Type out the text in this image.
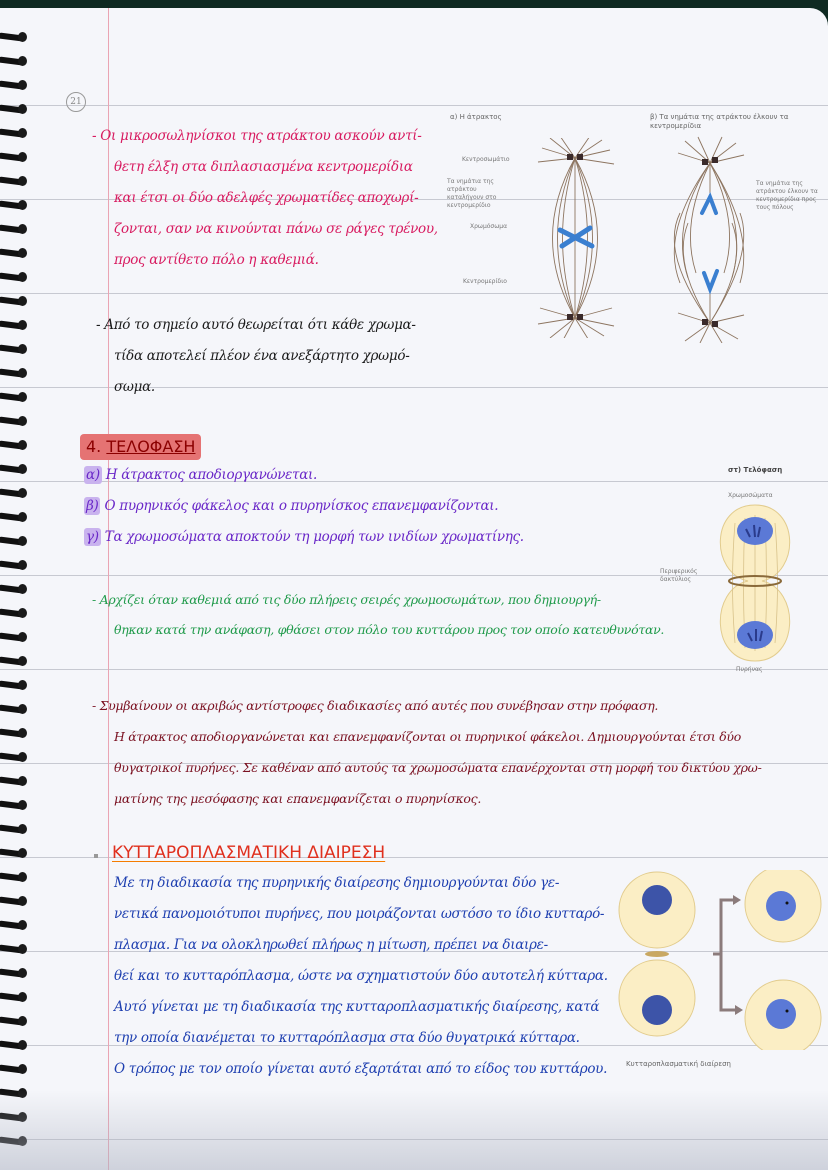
21
- Οι μικροσωληνίσκοι της ατράκτου ασκούν αντί-
θετη έλξη στα διπλασιασμένα κεντρομερίδια
και έτσι οι δύο αδελφές χρωματίδες αποχωρί-
ζονται, σαν να κινούνται πάνω σε ράγες τρένου,
προς αντίθετο πόλο η καθεμιά.
- Από το σημείο αυτό θεωρείται ότι κάθε χρωμα-
τίδα αποτελεί πλέον ένα ανεξάρτητο χρωμό-
σωμα.
α) Η άτρακτος	β) Τα νημάτια της ατράκτου έλκουν τα κεντρομερίδια
Κεντροσωμάτιο
Τα νημάτια της ατράκτου καταλήγουν στο κεντρομερίδιο
Χρωμόσωμα
Κεντρομερίδιο
Τα νημάτια της ατράκτου έλκουν τα κεντρομερίδια προς τους πόλους
4. ΤΕΛΟΦΑΣΗ
α) Η άτρακτος αποδιοργανώνεται.
β) Ο πυρηνικός φάκελος και ο πυρηνίσκος επανεμφανίζονται.
γ) Τα χρωμοσώματα αποκτούν τη μορφή των ινιδίων χρωματίνης.
- Αρχίζει όταν καθεμιά από τις δύο πλήρεις σειρές χρωμοσωμάτων, που δημιουργή-
θηκαν κατά την ανάφαση, φθάσει στον πόλο του κυττάρου προς τον οποίο κατευθυνόταν.
στ) Τελόφαση
Χρωμοσώματα
Περιφερικός δακτύλιος
Πυρήνας
- Συμβαίνουν οι ακριβώς αντίστροφες διαδικασίες από αυτές που συνέβησαν στην πρόφαση.
Η άτρακτος αποδιοργανώνεται και επανεμφανίζονται οι πυρηνικοί φάκελοι. Δημιουργούνται έτσι δύο
θυγατρικοί πυρήνες. Σε καθέναν από αυτούς τα χρωμοσώματα επανέρχονται στη μορφή του δικτύου χρω-
ματίνης της μεσόφασης και επανεμφανίζεται ο πυρηνίσκος.
ΚΥΤΤΑΡΟΠΛΑΣΜΑΤΙΚΗ ΔΙΑΙΡΕΣΗ
Με τη διαδικασία της πυρηνικής διαίρεσης δημιουργούνται δύο γε-
νετικά πανομοιότυποι πυρήνες, που μοιράζονται ωστόσο το ίδιο κυτταρό-
πλασμα. Για να ολοκληρωθεί πλήρως η μίτωση, πρέπει να διαιρε-
θεί και το κυτταρόπλασμα, ώστε να σχηματιστούν δύο αυτοτελή κύτταρα.
Αυτό γίνεται με τη διαδικασία της κυτταροπλασματικής διαίρεσης, κατά
την οποία διανέμεται το κυτταρόπλασμα στα δύο θυγατρικά κύτταρα.
Ο τρόπος με τον οποίο γίνεται αυτό εξαρτάται από το είδος του κυττάρου.	Κυτταροπλασματική διαίρεση
